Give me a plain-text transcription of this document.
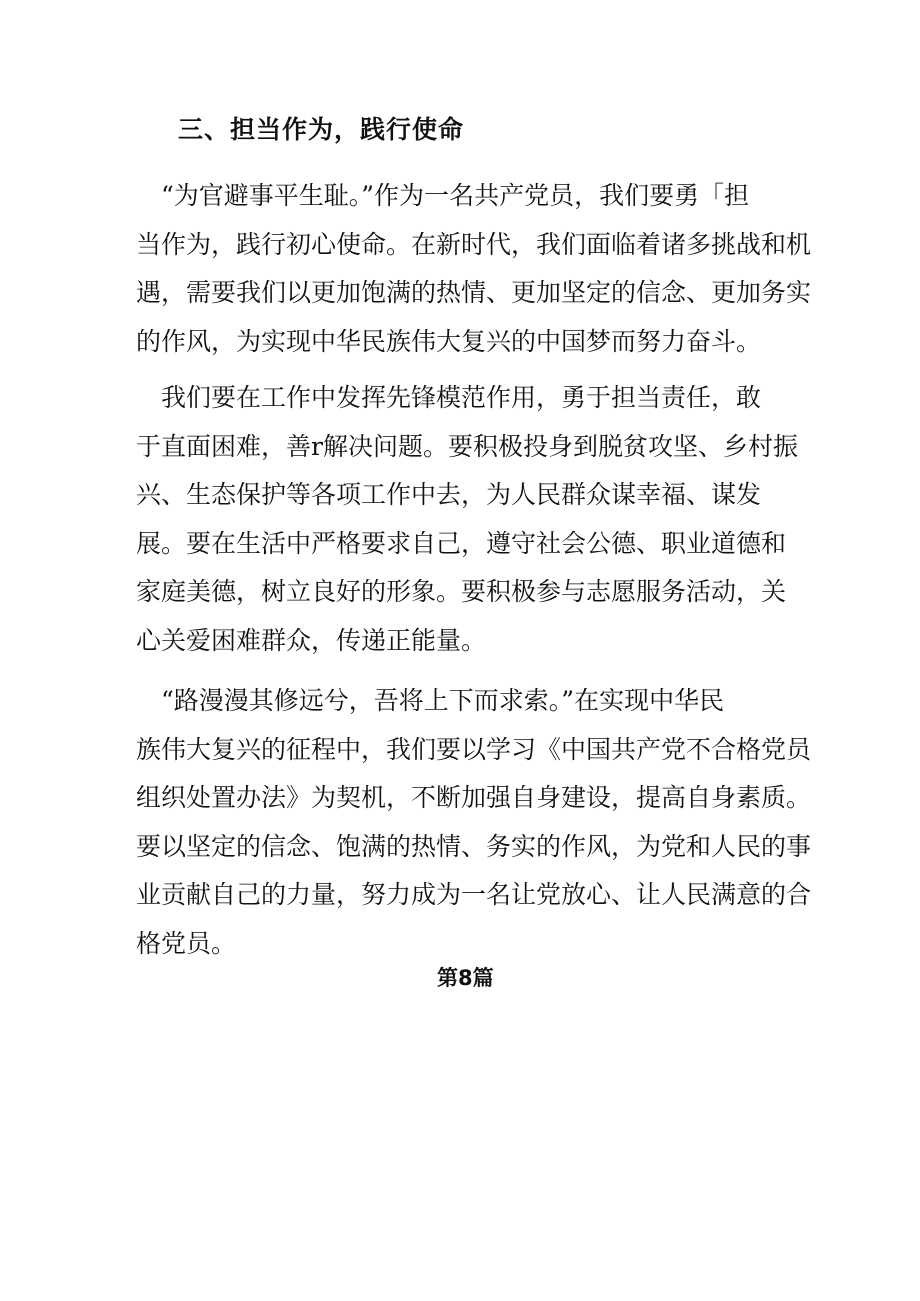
三、担当作为，践行使命
　“为官避事平生耻。”作为一名共产党员，我们要勇「担
当作为，践行初心使命。在新时代，我们面临着诸多挑战和机
遇，需要我们以更加饱满的热情、更加坚定的信念、更加务实
的作风，为实现中华民族伟大复兴的中国梦而努力奋斗。
　我们要在工作中发挥先锋模范作用，勇于担当责任，敢
于直面困难，善r解决问题。要积极投身到脱贫攻坚、乡村振
兴、生态保护等各项工作中去，为人民群众谋幸福、谋发
展。要在生活中严格要求自己，遵守社会公德、职业道德和
家庭美德，树立良好的形象。要积极参与志愿服务活动，关
心关爱困难群众，传递正能量。
　“路漫漫其修远兮，吾将上下而求索。”在实现中华民
族伟大复兴的征程中，我们要以学习《中国共产党不合格党员
组织处置办法》为契机，不断加强自身建设，提高自身素质。
要以坚定的信念、饱满的热情、务实的作风，为党和人民的事
业贡献自己的力量，努力成为一名让党放心、让人民满意的合
格党员。
第8篇
